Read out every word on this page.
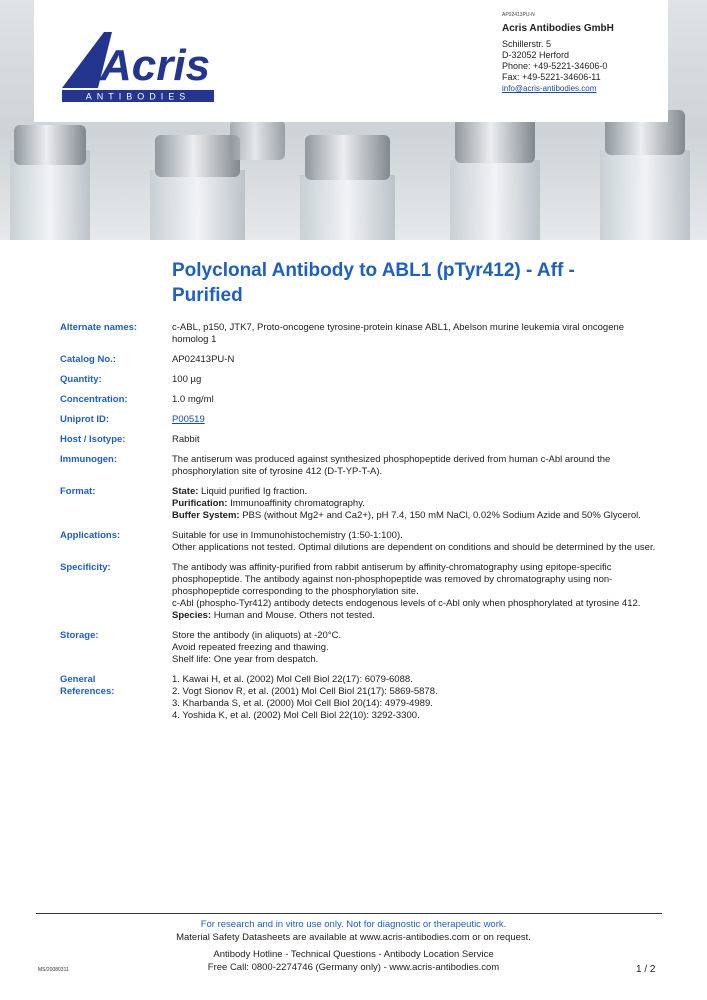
Acris
ANTIBODIES
AP02413PU-N
Acris Antibodies GmbH
Schillerstr. 5
D-32052 Herford
Phone: +49-5221-34606-0
Fax: +49-5221-34606-11
info@acris-antibodies.com
Polyclonal Antibody to ABL1 (pTyr412) - Aff - Purified
Alternate names:	c-ABL, p150, JTK7, Proto-oncogene tyrosine-protein kinase ABL1, Abelson murine leukemia viral oncogene homolog 1
Catalog No.:	AP02413PU-N
Quantity:	100 µg
Concentration:	1.0 mg/ml
Uniprot ID:	P00519
Host / Isotype:	Rabbit
Immunogen:	The antiserum was produced against synthesized phosphopeptide derived from human c-Abl around the phosphorylation site of tyrosine 412 (D-T-YP-T-A).
Format:	State: Liquid purified Ig fraction.
Purification: Immunoaffinity chromatography.
Buffer System: PBS (without Mg2+ and Ca2+), pH 7.4, 150 mM NaCl, 0.02% Sodium Azide and 50% Glycerol.
Applications:	Suitable for use in Immunohistochemistry (1:50-1:100).
Other applications not tested. Optimal dilutions are dependent on conditions and should be determined by the user.
Specificity:	The antibody was affinity-purified from rabbit antiserum by affinity-chromatography using epitope-specific phosphopeptide. The antibody against non-phosphopeptide was removed by chromatography using non-phosphopeptide corresponding to the phosphorylation site.
c-Abl (phospho-Tyr412) antibody detects endogenous levels of c-Abl only when phosphorylated at tyrosine 412.
Species: Human and Mouse. Others not tested.
Storage:	Store the antibody (in aliquots) at -20°C.
Avoid repeated freezing and thawing.
Shelf life: One year from despatch.
General
References:
1. Kawai H, et al. (2002) Mol Cell Biol 22(17): 6079-6088.
2. Vogt Sionov R, et al. (2001) Mol Cell Biol 21(17): 5869-5878.
3. Kharbanda S, et al. (2000) Mol Cell Biol 20(14): 4979-4989.
4. Yoshida K, et al. (2002) Mol Cell Biol 22(10): 3292-3300.
For research and in vitro use only. Not for diagnostic or therapeutic work.
Material Safety Datasheets are available at www.acris-antibodies.com or on request.
Antibody Hotline - Technical Questions - Antibody Location Service
Free Call: 0800-2274746 (Germany only) - www.acris-antibodies.com
MS/20080311	1 / 2
